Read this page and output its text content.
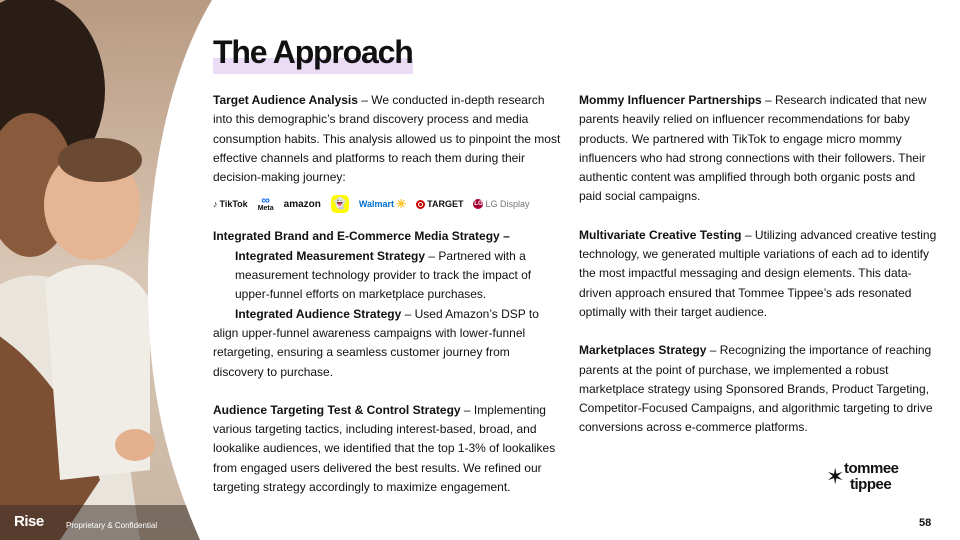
The Approach

Target Audience Analysis – We conducted in-depth research into this demographic’s brand discovery process and media consumption habits. This analysis allowed us to pinpoint the most effective channels and platforms to reach them during their decision-making journey:

♪ TikTok ∞
Meta amazon 👻 Walmart ✳ TARGET LG LG Display

Integrated Brand and E-Commerce Media Strategy –

Integrated Measurement Strategy – Partnered with a measurement technology provider to track the impact of upper-funnel efforts on marketplace purchases.

Integrated Audience Strategy – Used Amazon’s DSP to

align upper-funnel awareness campaigns with lower-funnel retargeting, ensuring a seamless customer journey from discovery to purchase.

Audience Targeting Test & Control Strategy – Implementing various targeting tactics, including interest-based, broad, and lookalike audiences, we identified that the top 1-3% of lookalikes from engaged users delivered the best results. We refined our targeting strategy accordingly to maximize engagement.

Mommy Influencer Partnerships – Research indicated that new parents heavily relied on influencer recommendations for baby products. We partnered with TikTok to engage micro mommy influencers who had strong connections with their followers. Their authentic content was amplified through both organic posts and paid social campaigns.

Multivariate Creative Testing – Utilizing advanced creative testing technology, we generated multiple variations of each ad to identify the most impactful messaging and design elements. This data-driven approach ensured that Tommee Tippee’s ads resonated optimally with their target audience.

Marketplaces Strategy – Recognizing the importance of reaching parents at the point of purchase, we implemented a robust marketplace strategy using Sponsored Brands, Product Targeting, Competitor-Focused Campaigns, and algorithmic targeting to drive conversions across e-commerce platforms.

✶ tommee
tippee
Rise	Proprietary & Confidential	58
